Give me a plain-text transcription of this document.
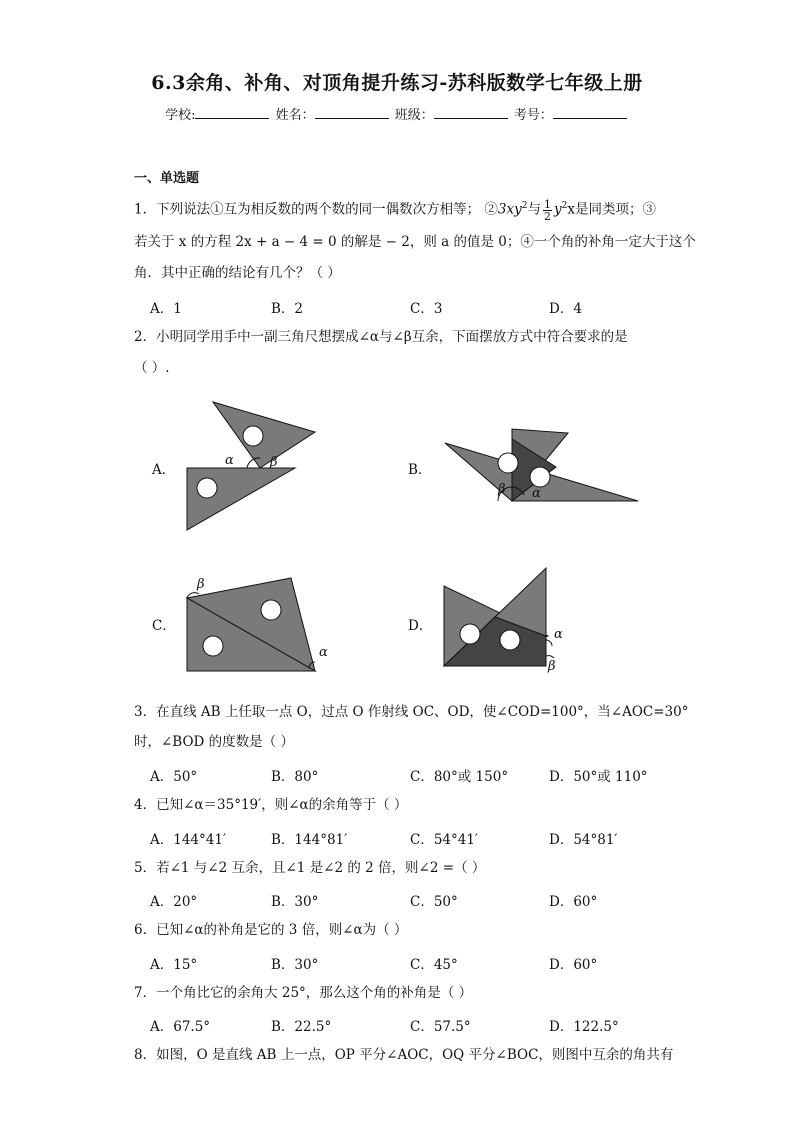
6.3余角、补角、对顶角提升练习-苏科版数学七年级上册
学校:	姓名：	班级：	考号：
一、单选题
1．下列说法①互为相反数的两个数的同一偶数次方相等； $②3xy^2$与 $\frac{1}{2} y^2x$是同类项；③
若关于 x 的方程 2x + a − 4 = 0 的解是 − 2，则 a 的值是 0；④一个角的补角一定大于这个
角．其中正确的结论有几个？（ ）
A．1	B．2	C．3	D．4
2．小明同学用手中一副三角尺想摆成∠α与∠β互余，下面摆放方式中符合要求的是
（ ）.
A．
α	β	B．
β α
C．
β
α
D．
α
β
3．在直线 AB 上任取一点 O，过点 O 作射线 OC、OD，使∠COD=100°，当∠AOC=30°
时，∠BOD 的度数是（ ）
A．50°	B．80°	C．80°或 150°	D．50°或 110°
4．已知∠α＝35°19′，则∠α的余角等于（ ）
A．144°41′	B．144°81′	C．54°41′	D．54°81′
5．若∠1 与∠2 互余，且∠1 是∠2 的 2 倍，则∠2 =（ ）
A．20°	B．30°	C．50°	D．60°
6．已知∠α的补角是它的 3 倍，则∠α为（ ）
A．15°	B．30°	C．45°	D．60°
7．一个角比它的余角大 25°，那么这个角的补角是（ ）
A．67.5°	B．22.5°	C．57.5°	D．122.5°
8．如图，O 是直线 AB 上一点，OP 平分∠AOC，OQ 平分∠BOC，则图中互余的角共有
